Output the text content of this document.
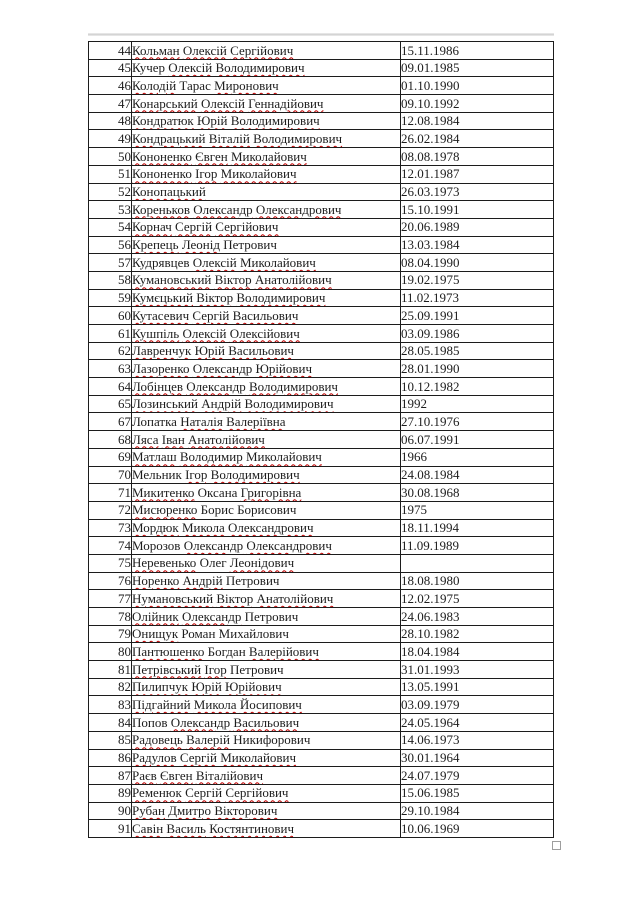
44	Кольман Олексій Сергійович	15.11.1986
45	Кучер Олексій Володимирович	09.01.1985
46	Колодій Тарас Миронович	01.10.1990
47	Конарський Олексій Геннадійович	09.10.1992
48	Кондратюк Юрій Володимирович	12.08.1984
49	Кондрацький Віталій Володимирович	26.02.1984
50	Кононенко Євген Миколайович	08.08.1978
51	Кононенко Ігор Миколайович	12.01.1987
52	Конопацький	26.03.1973
53	Кореньков Олександр Олександрович	15.10.1991
54	Корнач Сергій Сергійович	20.06.1989
56	Крепець Леонід Петрович	13.03.1984
57	Кудрявцев Олексій Миколайович	08.04.1990
58	Кумановський Віктор Анатолійович	19.02.1975
59	Кумєцький Віктор Володимирович	11.02.1973
60	Кутасевич Сергій Васильович	25.09.1991
61	Кушпіль Олексій Олексійович	03.09.1986
62	Лавренчук Юрій Васильович	28.05.1985
63	Лазоренко Олександр Юрійович	28.01.1990
64	Лобінцев Олександр Володимирович	10.12.1982
65	Лозинський Андрій Володимирович	1992
67	Лопатка Наталія Валеріївна	27.10.1976
68	Ляса Іван Анатолійович	06.07.1991
69	Матлаш Володимир Миколайович	1966
70	Мельник Ігор Володимирович	24.08.1984
71	Микитенко Оксана Григорівна	30.08.1968
72	Мисюренко Борис Борисович	1975
73	Мордюк Микола Олександрович	18.11.1994
74	Морозов Олександр Олександрович	11.09.1989
75	Неревенько Олег Леонідович	
76	Норенко Андрій Петрович	18.08.1980
77	Нумановський Віктор Анатолійович	12.02.1975
78	Олійник Олександр Петрович	24.06.1983
79	Онищук Роман Михайлович	28.10.1982
80	Пантюшенко Богдан Валерійович	18.04.1984
81	Петрівський Ігор Петрович	31.01.1993
82	Пилипчук Юрій Юрійович	13.05.1991
83	Підгайний Микола Йосипович	03.09.1979
84	Попов Олександр Васильович	24.05.1964
85	Радовець Валерій Никифорович	14.06.1973
86	Радулов Сергій Миколайович	30.01.1964
87	Раєв Євген Віталійович	24.07.1979
89	Ременюк Сергій Сергійович	15.06.1985
90	Рубан Дмитро Вікторович	29.10.1984
91	Савін Василь Костянтинович	10.06.1969
